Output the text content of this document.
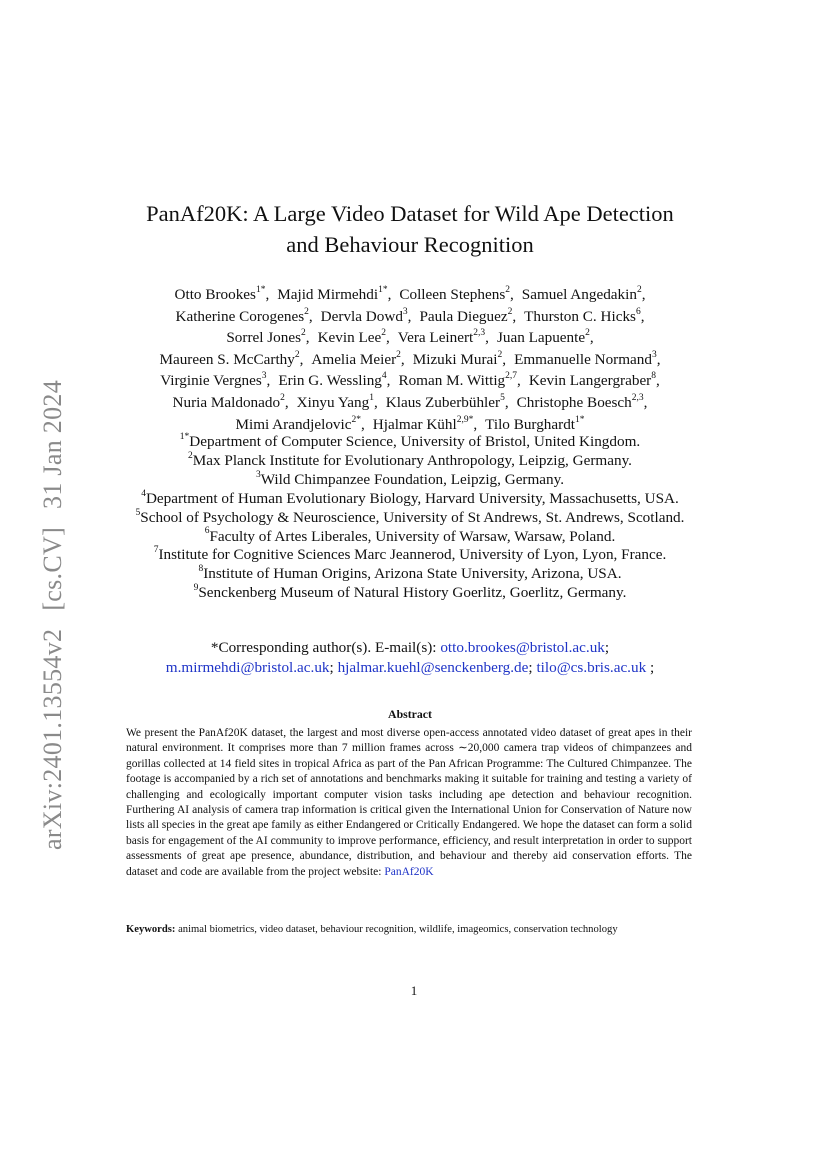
arXiv:2401.13554v2[cs.CV]31 Jan 2024
PanAf20K: A Large Video Dataset for Wild Ape Detection
and Behaviour Recognition
Otto Brookes$^{1*}$, Majid Mirmehdi$^{1*}$, Colleen Stephens$^2$, Samuel Angedakin$^2$,
Katherine Corogenes$^2$, Dervla Dowd$^3$, Paula Dieguez$^2$, Thurston C. Hicks$^6$,
Sorrel Jones$^2$, Kevin Lee$^2$, Vera Leinert$^{2,3}$, Juan Lapuente$^2$,
Maureen S. McCarthy$^2$, Amelia Meier$^2$, Mizuki Murai$^2$, Emmanuelle Normand$^3$,
Virginie Vergnes$^3$, Erin G. Wessling$^4$, Roman M. Wittig$^{2,7}$, Kevin Langergraber$^8$,
Nuria Maldonado$^2$, Xinyu Yang$^1$, Klaus Zuberbühler$^5$, Christophe Boesch$^{2,3}$,
Mimi Arandjelovic$^{2*}$, Hjalmar Kühl$^{2,9*}$, Tilo Burghardt$^{1*}$
$^{1*}$Department of Computer Science, University of Bristol, United Kingdom.
$^2$Max Planck Institute for Evolutionary Anthropology, Leipzig, Germany.
$^3$Wild Chimpanzee Foundation, Leipzig, Germany.
$^4$Department of Human Evolutionary Biology, Harvard University, Massachusetts, USA.
$^5$School of Psychology & Neuroscience, University of St Andrews, St. Andrews, Scotland.
$^6$Faculty of Artes Liberales, University of Warsaw, Warsaw, Poland.
$^7$Institute for Cognitive Sciences Marc Jeannerod, University of Lyon, Lyon, France.
$^8$Institute of Human Origins, Arizona State University, Arizona, USA.
$^9$Senckenberg Museum of Natural History Goerlitz, Goerlitz, Germany.
*Corresponding author(s). E-mail(s): otto.brookes@bristol.ac.uk;
m.mirmehdi@bristol.ac.uk; hjalmar.kuehl@senckenberg.de; tilo@cs.bris.ac.uk ;
Abstract
We present the PanAf20K dataset, the largest and most diverse open-access annotated video dataset of great apes in their natural environment. It comprises more than 7 million frames across ∼20,000 camera trap videos of chimpanzees and gorillas collected at 14 field sites in tropical Africa as part of the Pan African Programme: The Cultured Chimpanzee. The footage is accompanied by a rich set of annotations and benchmarks making it suitable for training and testing a variety of challenging and ecologically important computer vision tasks including ape detection and behaviour recognition. Furthering AI analysis of camera trap information is critical given the International Union for Conservation of Nature now lists all species in the great ape family as either Endangered or Critically Endangered. We hope the dataset can form a solid basis for engagement of the AI community to improve performance, efficiency, and result interpretation in order to support assessments of great ape presence, abundance, distribution, and behaviour and thereby aid conservation efforts. The dataset and code are available from the project website: PanAf20K
Keywords: animal biometrics, video dataset, behaviour recognition, wildlife, imageomics, conservation technology
1
